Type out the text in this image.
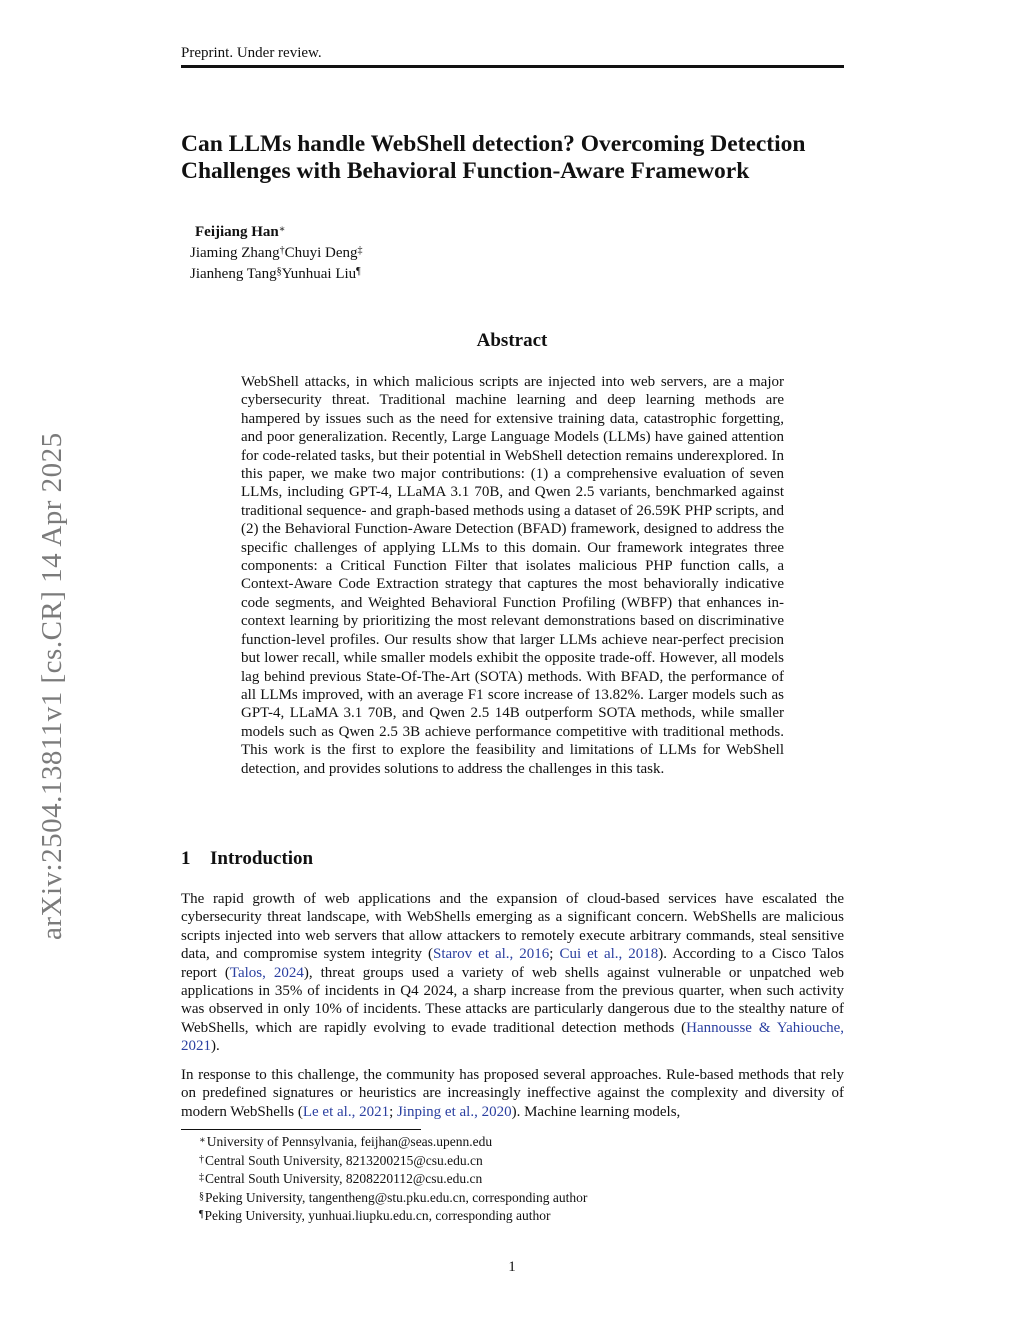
Preprint. Under review.
arXiv:2504.13811v1 [cs.CR] 14 Apr 2025
Can LLMs handle WebShell detection? Overcoming Detection Challenges with Behavioral Function-Aware Framework
Feijiang Han∗
Jiaming Zhang†Chuyi Deng‡
Jianheng Tang§Yunhuai Liu¶
Abstract
WebShell attacks, in which malicious scripts are injected into web servers, are a major cybersecurity threat. Traditional machine learning and deep learning methods are hampered by issues such as the need for extensive training data, catastrophic forgetting, and poor generalization. Recently, Large Language Models (LLMs) have gained attention for code-related tasks, but their potential in WebShell detection remains underexplored. In this paper, we make two major contributions: (1) a comprehensive evaluation of seven LLMs, including GPT-4, LLaMA 3.1 70B, and Qwen 2.5 variants, benchmarked against traditional sequence- and graph-based methods using a dataset of 26.59K PHP scripts, and (2) the Behavioral Function-Aware Detection (BFAD) framework, designed to address the specific challenges of applying LLMs to this domain. Our framework integrates three components: a Critical Function Filter that isolates malicious PHP function calls, a Context-Aware Code Extraction strategy that captures the most behaviorally indicative code segments, and Weighted Behavioral Function Profiling (WBFP) that enhances in-context learning by prioritizing the most relevant demonstrations based on discriminative function-level profiles. Our results show that larger LLMs achieve near-perfect precision but lower recall, while smaller models exhibit the opposite trade-off. However, all models lag behind previous State-Of-The-Art (SOTA) methods. With BFAD, the performance of all LLMs improved, with an average F1 score increase of 13.82%. Larger models such as GPT-4, LLaMA 3.1 70B, and Qwen 2.5 14B outperform SOTA methods, while smaller models such as Qwen 2.5 3B achieve performance competitive with traditional methods. This work is the first to explore the feasibility and limitations of LLMs for WebShell detection, and provides solutions to address the challenges in this task.
1 Introduction
The rapid growth of web applications and the expansion of cloud-based services have escalated the cybersecurity threat landscape, with WebShells emerging as a significant concern. WebShells are malicious scripts injected into web servers that allow attackers to remotely execute arbitrary commands, steal sensitive data, and compromise system integrity (Starov et al., 2016; Cui et al., 2018). According to a Cisco Talos report (Talos, 2024), threat groups used a variety of web shells against vulnerable or unpatched web applications in 35% of incidents in Q4 2024, a sharp increase from the previous quarter, when such activity was observed in only 10% of incidents. These attacks are particularly dangerous due to the stealthy nature of WebShells, which are rapidly evolving to evade traditional detection methods (Hannousse & Yahiouche, 2021).
In response to this challenge, the community has proposed several approaches. Rule-based methods that rely on predefined signatures or heuristics are increasingly ineffective against the complexity and diversity of modern WebShells (Le et al., 2021; Jinping et al., 2020). Machine learning models,
∗University of Pennsylvania, feijhan@seas.upenn.edu
†Central South University, 8213200215@csu.edu.cn
‡Central South University, 8208220112@csu.edu.cn
§Peking University, tangentheng@stu.pku.edu.cn, corresponding author
¶Peking University, yunhuai.liupku.edu.cn, corresponding author
1
